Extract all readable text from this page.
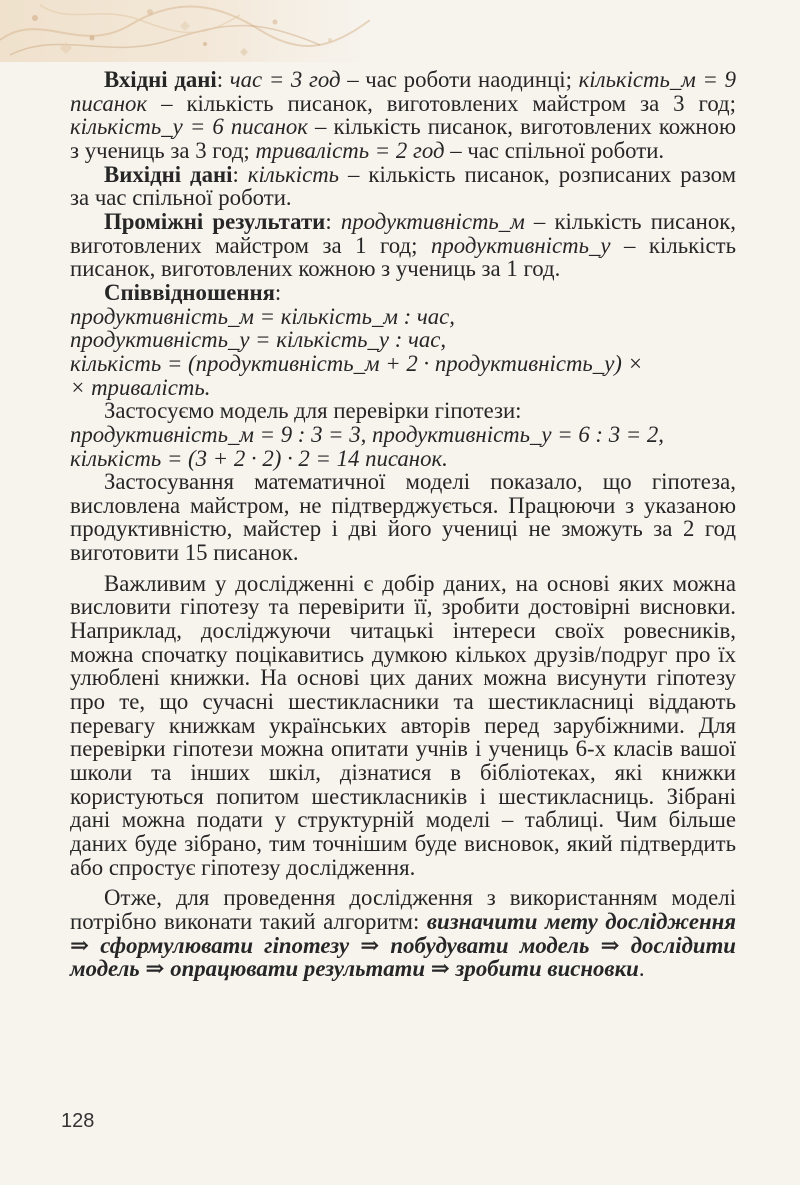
Вхідні дані: час = 3 год – час роботи наодинці; кількість_м = 9 писанок – кількість писанок, виготовлених майстром за 3 год; кількість_у = 6 писанок – кількість писанок, виготовлених кожною з учениць за 3 год; тривалість = 2 год – час спільної роботи.

Вихідні дані: кількість – кількість писанок, розписаних разом за час спільної роботи.

Проміжні результати: продуктивність_м – кількість писанок, виготовлених майстром за 1 год; продуктивність_у – кількість писанок, виготовлених кожною з учениць за 1 год.

Співвідношення:

продуктивність_м = кількість_м : час,

продуктивність_у = кількість_у : час,

кількість = (продуктивність_м + 2 · продуктивність_у) ×

× тривалість.

Застосуємо модель для перевірки гіпотези:

продуктивність_м = 9 : 3 = 3, продуктивність_у = 6 : 3 = 2,

кількість = (3 + 2 · 2) · 2 = 14 писанок.

Застосування математичної моделі показало, що гіпотеза, висловлена майстром, не підтверджується. Працюючи з указаною продуктивністю, майстер і дві його учениці не зможуть за 2 год виготовити 15 писанок.

Важливим у дослідженні є добір даних, на основі яких можна висловити гіпотезу та перевірити її, зробити достовірні висновки. Наприклад, досліджуючи читацькі інтереси своїх ровесників, можна спочатку поцікавитись думкою кількох друзів/подруг про їх улюблені книжки. На основі цих даних можна висунути гіпотезу про те, що сучасні шестикласники та шестикласниці віддають перевагу книжкам українських авторів перед зарубіжними. Для перевірки гіпотези можна опитати учнів і учениць 6-х класів вашої школи та інших шкіл, дізнатися в бібліотеках, які книжки користуються попитом шестикласників і шестикласниць. Зібрані дані можна подати у структурній моделі – таблиці. Чим більше даних буде зібрано, тим точнішим буде висновок, який підтвердить або спростує гіпотезу дослідження.

Отже, для проведення дослідження з використанням моделі потрібно виконати такий алгоритм: визначити мету дослідження ⇒ сформулювати гіпотезу ⇒ побудувати модель ⇒ дослідити модель ⇒ опрацювати результати ⇒ зробити висновки.

128
